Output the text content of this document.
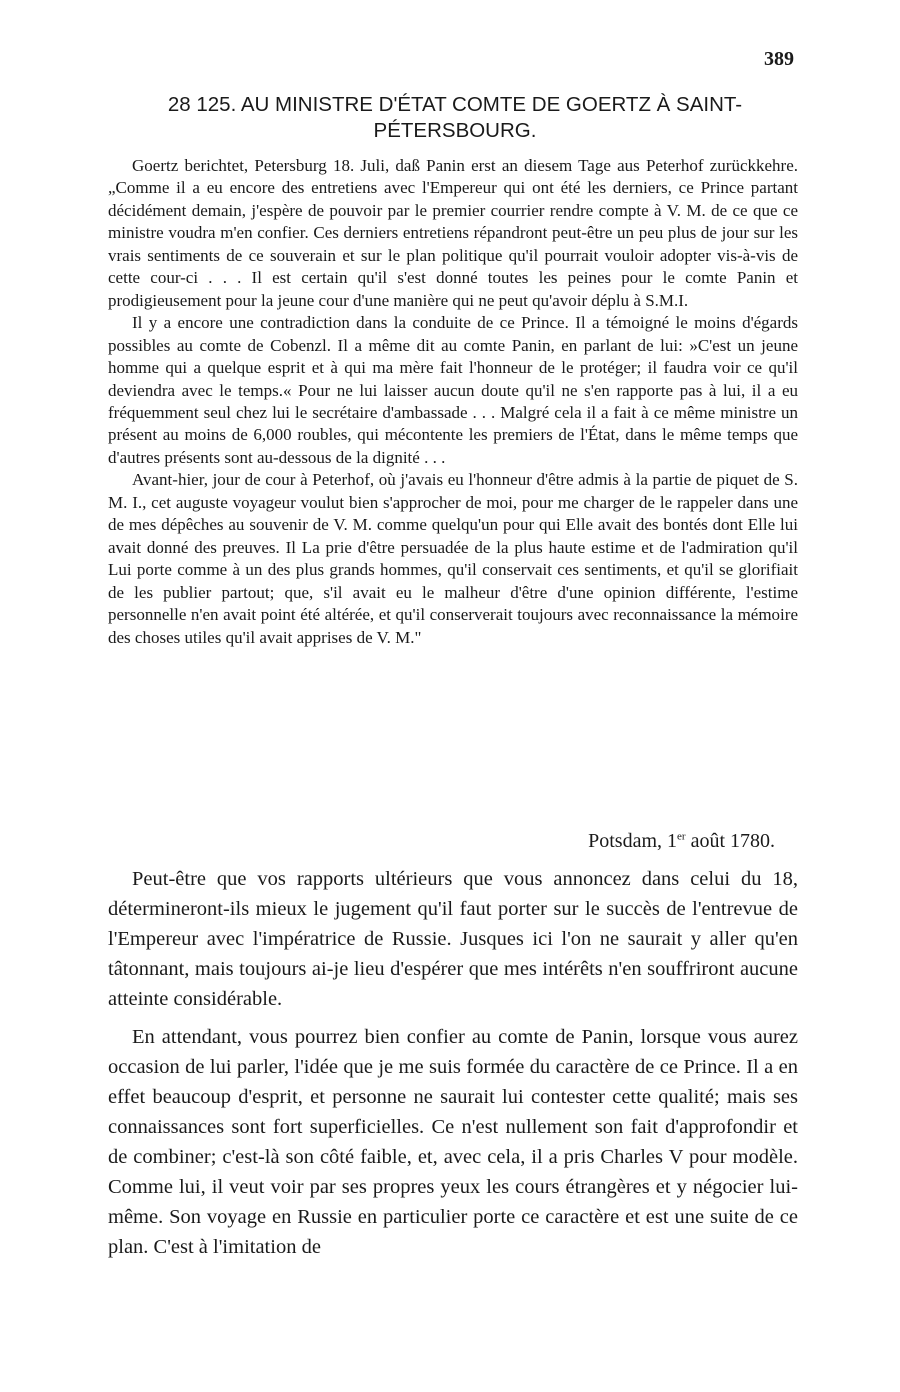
389

28 125. AU MINISTRE D'ÉTAT COMTE DE GOERTZ À SAINT-

PÉTERSBOURG.

Goertz berichtet, Petersburg 18. Juli, daß Panin erst an diesem Tage aus Peterhof zurückkehre. „Comme il a eu encore des entretiens avec l'Empereur qui ont été les derniers, ce Prince partant décidément demain, j'espère de pouvoir par le premier courrier rendre compte à V. M. de ce que ce ministre voudra m'en confier. Ces derniers entretiens répandront peut-être un peu plus de jour sur les vrais sentiments de ce souverain et sur le plan politique qu'il pourrait vouloir adopter vis-à-vis de cette cour-ci . . . Il est certain qu'il s'est donné toutes les peines pour le comte Panin et prodigieusement pour la jeune cour d'une manière qui ne peut qu'avoir déplu à S.M.I.

Il y a encore une contradiction dans la conduite de ce Prince. Il a témoigné le moins d'égards possibles au comte de Cobenzl. Il a même dit au comte Panin, en parlant de lui: »C'est un jeune homme qui a quelque esprit et à qui ma mère fait l'honneur de le protéger; il faudra voir ce qu'il deviendra avec le temps.« Pour ne lui laisser aucun doute qu'il ne s'en rapporte pas à lui, il a eu fréquemment seul chez lui le secrétaire d'ambassade . . . Malgré cela il a fait à ce même ministre un présent au moins de 6,000 roubles, qui mécontente les premiers de l'État, dans le même temps que d'autres présents sont au-dessous de la dignité . . .

Avant-hier, jour de cour à Peterhof, où j'avais eu l'honneur d'être admis à la partie de piquet de S. M. I., cet auguste voyageur voulut bien s'approcher de moi, pour me charger de le rappeler dans une de mes dépêches au souvenir de V. M. comme quelqu'un pour qui Elle avait des bontés dont Elle lui avait donné des preuves. Il La prie d'être persuadée de la plus haute estime et de l'admiration qu'il Lui porte comme à un des plus grands hommes, qu'il conservait ces sentiments, et qu'il se glorifiait de les publier partout; que, s'il avait eu le malheur d'être d'une opinion différente, l'estime personnelle n'en avait point été altérée, et qu'il conserverait toujours avec reconnaissance la mémoire des choses utiles qu'il avait apprises de V. M."

Potsdam, 1er août 1780.

Peut-être que vos rapports ultérieurs que vous annoncez dans celui du 18, détermineront-ils mieux le jugement qu'il faut porter sur le succès de l'entrevue de l'Empereur avec l'impératrice de Russie. Jusques ici l'on ne saurait y aller qu'en tâtonnant, mais toujours ai-je lieu d'espérer que mes intérêts n'en souffriront aucune atteinte considérable.

En attendant, vous pourrez bien confier au comte de Panin, lorsque vous aurez occasion de lui parler, l'idée que je me suis formée du caractère de ce Prince. Il a en effet beaucoup d'esprit, et personne ne saurait lui contester cette qualité; mais ses connaissances sont fort superficielles. Ce n'est nullement son fait d'approfondir et de combiner; c'est-là son côté faible, et, avec cela, il a pris Charles V pour modèle. Comme lui, il veut voir par ses propres yeux les cours étrangères et y négocier lui-même. Son voyage en Russie en particulier porte ce caractère et est une suite de ce plan. C'est à l'imitation de
